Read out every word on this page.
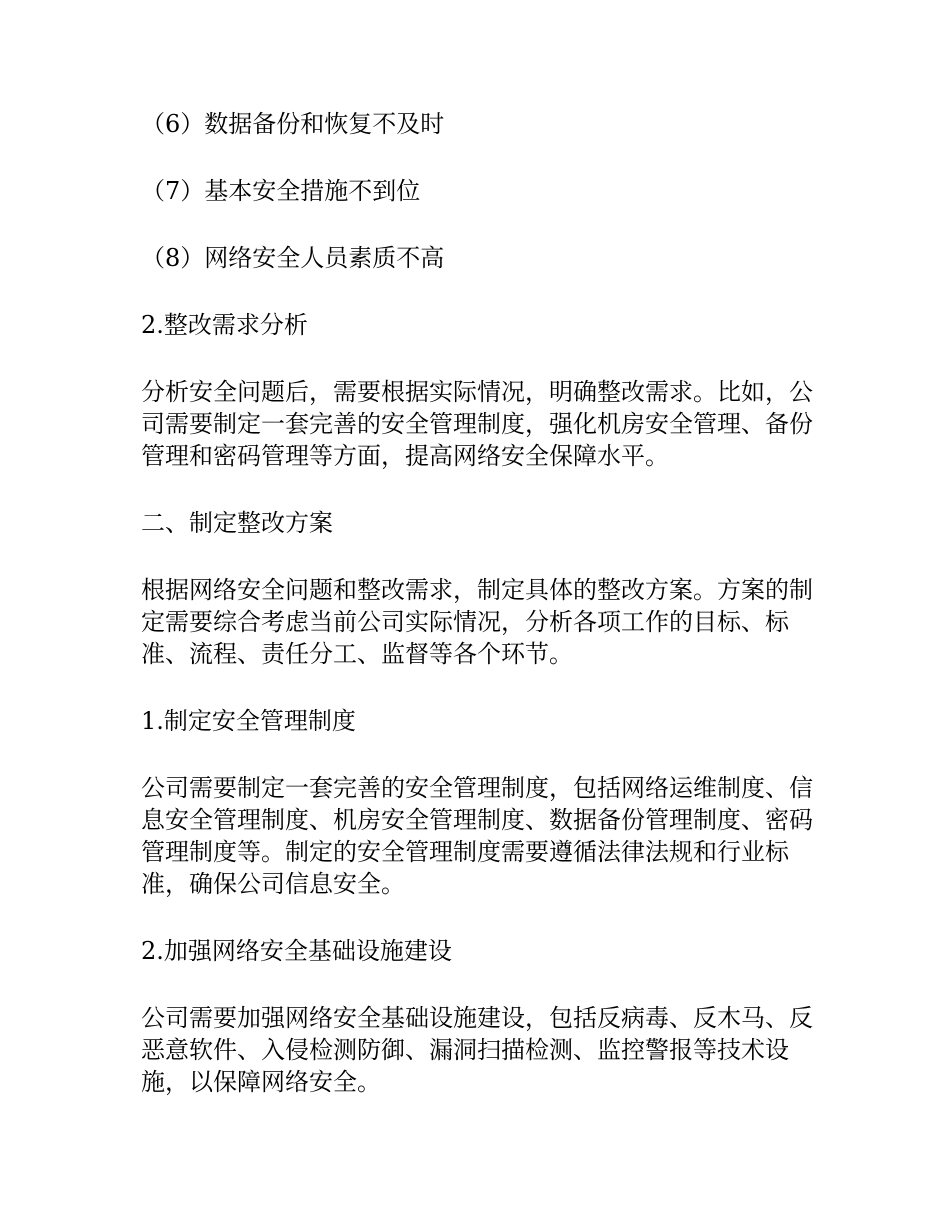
（6）数据备份和恢复不及时

（7）基本安全措施不到位

（8）网络安全人员素质不高

2.整改需求分析

分析安全问题后，需要根据实际情况，明确整改需求。比如，公司需要制定一套完善的安全管理制度，强化机房安全管理、备份管理和密码管理等方面，提高网络安全保障水平。

二、制定整改方案

根据网络安全问题和整改需求，制定具体的整改方案。方案的制定需要综合考虑当前公司实际情况，分析各项工作的目标、标准、流程、责任分工、监督等各个环节。

1.制定安全管理制度

公司需要制定一套完善的安全管理制度，包括网络运维制度、信息安全管理制度、机房安全管理制度、数据备份管理制度、密码管理制度等。制定的安全管理制度需要遵循法律法规和行业标准，确保公司信息安全。

2.加强网络安全基础设施建设

公司需要加强网络安全基础设施建设，包括反病毒、反木马、反恶意软件、入侵检测防御、漏洞扫描检测、监控警报等技术设施，以保障网络安全。
